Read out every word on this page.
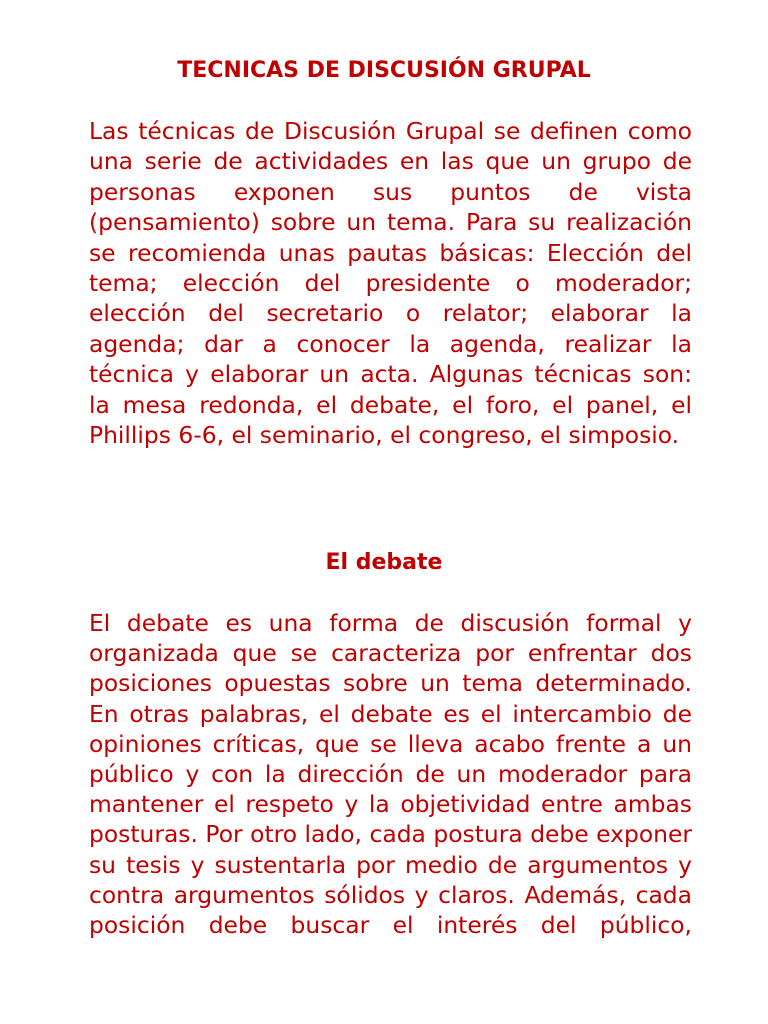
TECNICAS DE DISCUSIÓN GRUPAL

Las técnicas de Discusión Grupal se definen como una serie de actividades en las que un grupo de personas exponen sus puntos de vista (pensamiento) sobre un tema. Para su realización se recomienda unas pautas básicas: Elección del tema; elección del presidente o moderador; elección del secretario o relator; elaborar la agenda; dar a conocer la agenda, realizar la técnica y elaborar un acta. Algunas técnicas son: la mesa redonda, el debate, el foro, el panel, el Phillips 6-6, el seminario, el congreso, el simposio.

El debate

El debate es una forma de discusión formal y organizada que se caracteriza por enfrentar dos posiciones opuestas sobre un tema determinado. En otras palabras, el debate es el intercambio de opiniones críticas, que se lleva acabo frente a un público y con la dirección de un moderador para mantener el respeto y la objetividad entre ambas posturas. Por otro lado, cada postura debe exponer su tesis y sustentarla por medio de argumentos y contra argumentos sólidos y claros. Además, cada posición debe buscar el interés del público,
